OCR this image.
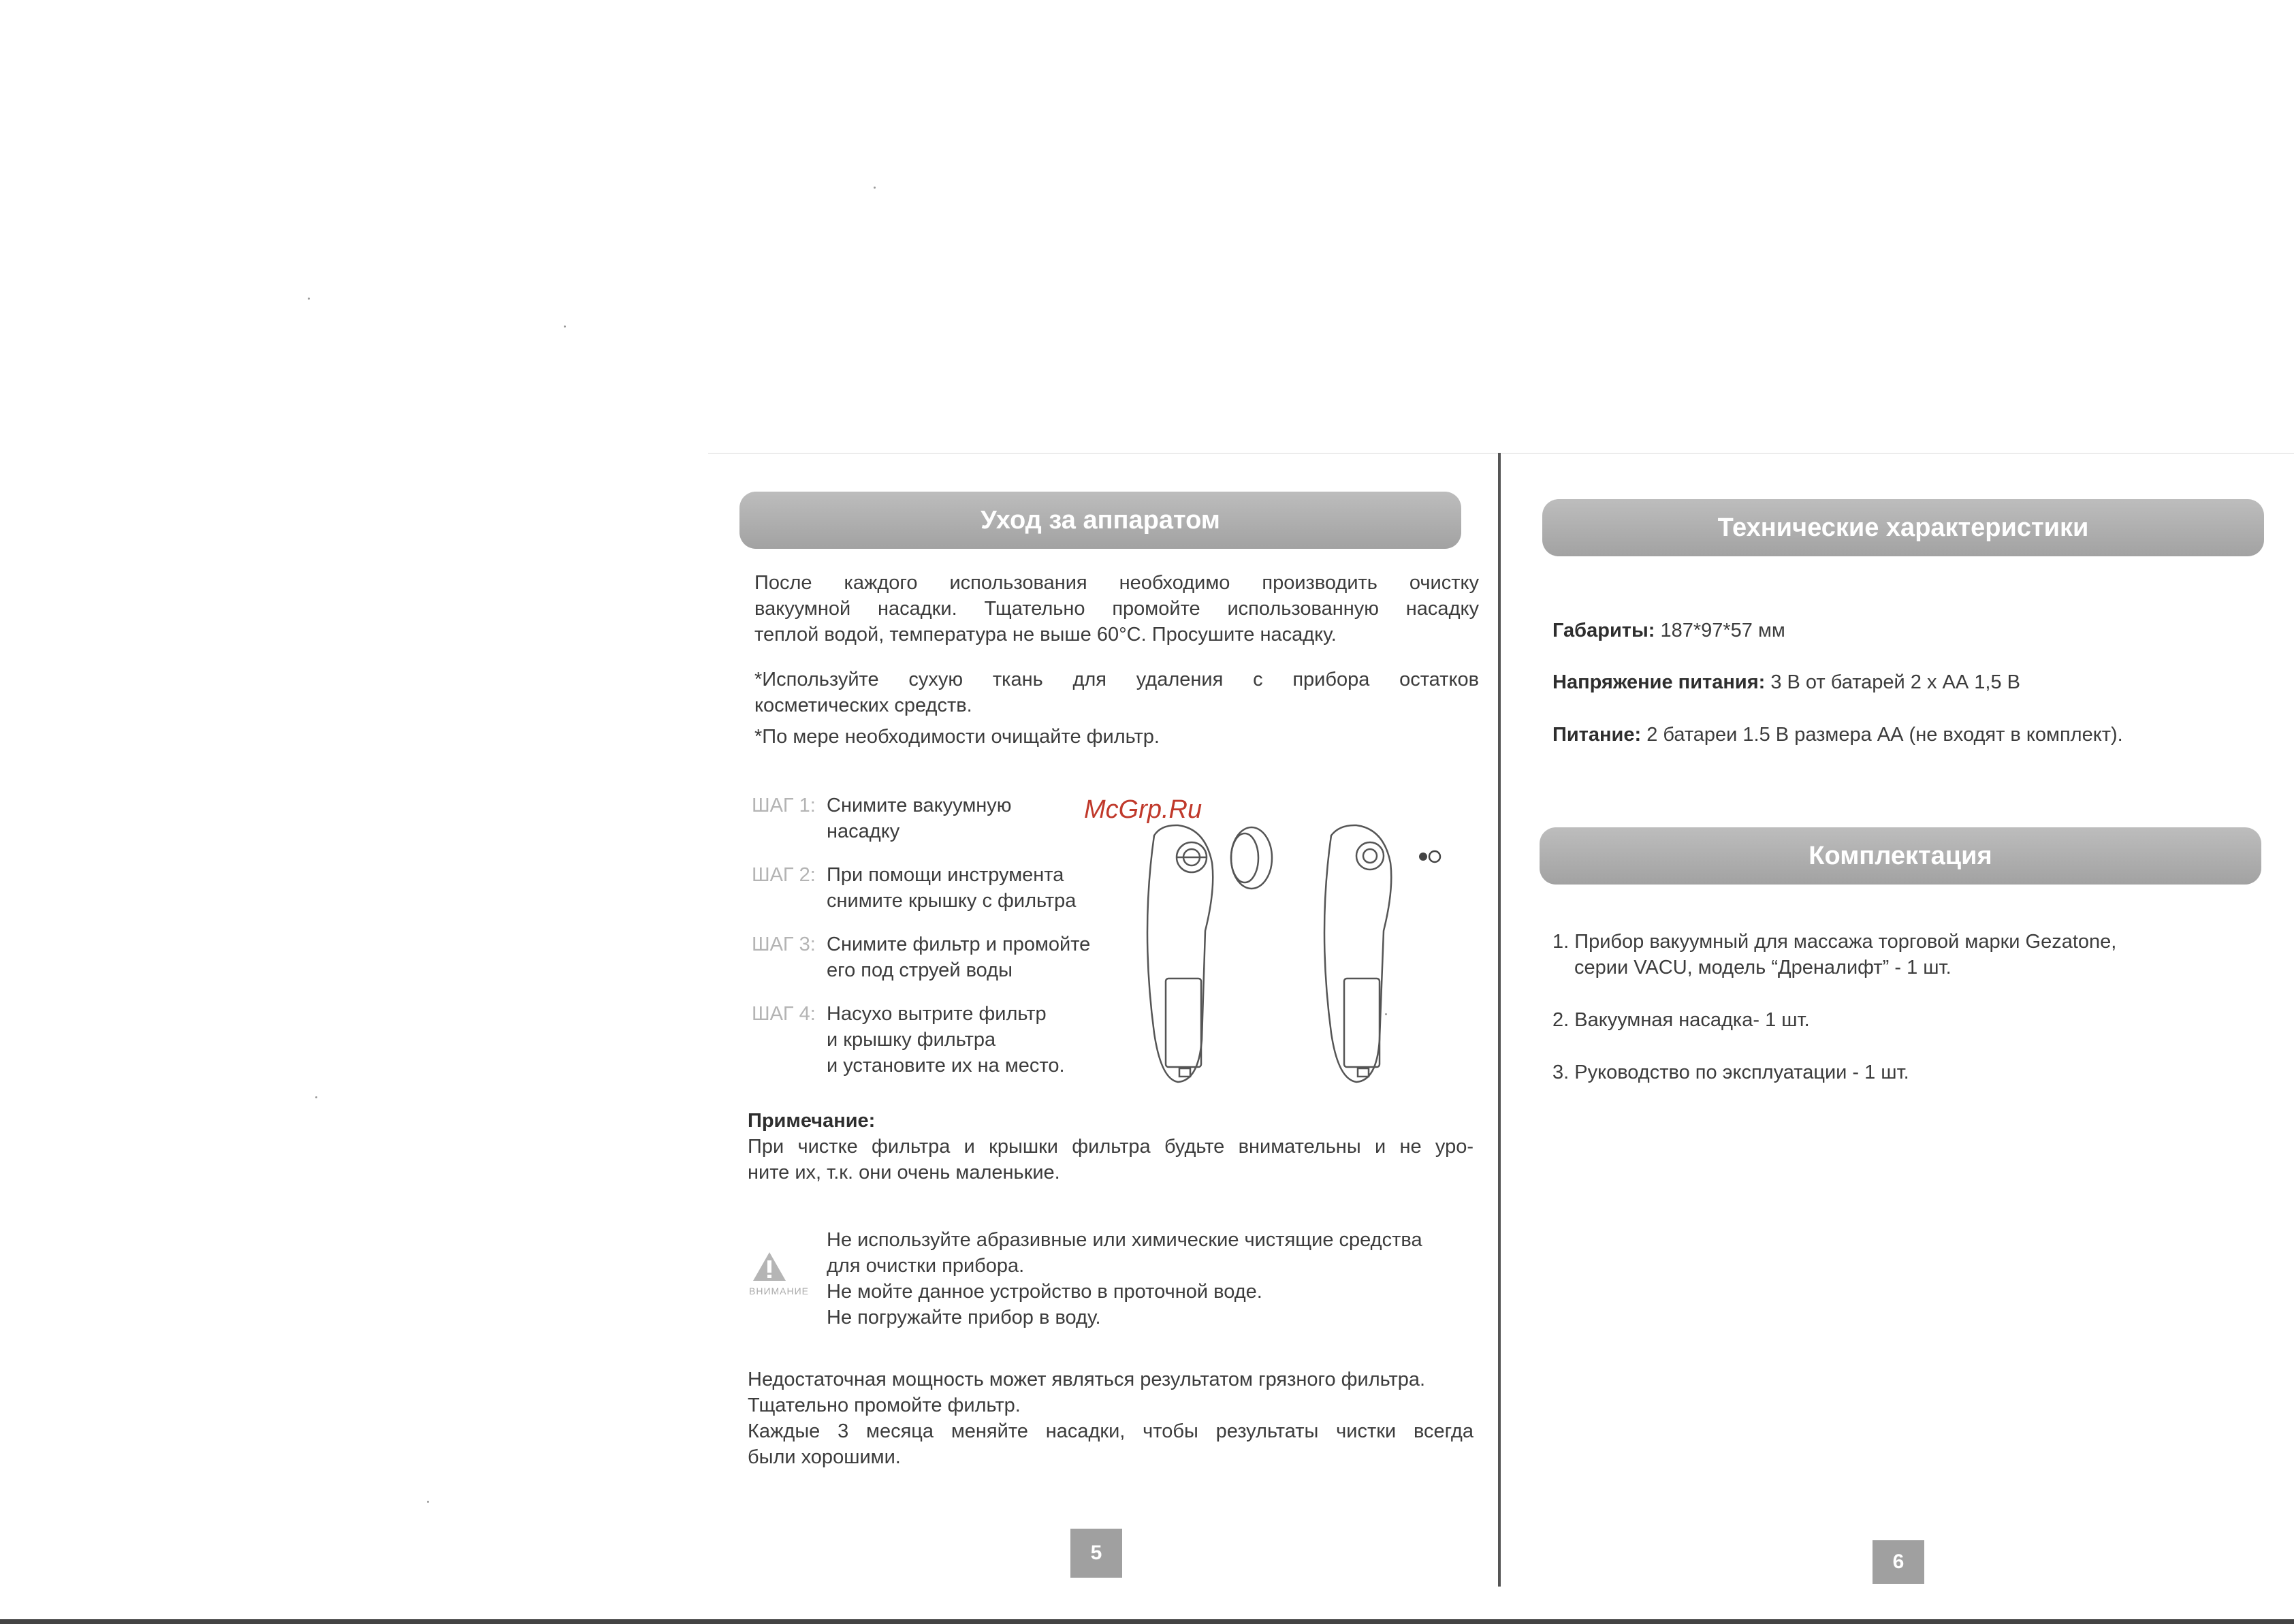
McGrp.Ru
Уход за аппаратом
После каждого использования необходимо производить очистку
вакуумной насадки. Тщательно промойте использованную насадку
теплой водой, температура не выше 60°С. Просушите насадку.
*Используйте сухую ткань для удаления с прибора остатков
косметических средств.
*По мере необходимости очищайте фильтр.
ШАГ 1: Снимите вакуумную
насадку
ШАГ 2: При помощи инструмента
снимите крышку с фильтра
ШАГ 3: Снимите фильтр и промойте
его под струей воды
ШАГ 4: Насухо вытрите фильтр
и крышку фильтра
и установите их на место.
Примечание:
При чистке фильтра и крышки фильтра будьте внимательны и не уро-
ните их, т.к. они очень маленькие.
ВНИМАНИЕ
Не используйте абразивные или химические чистящие средства
для очистки прибора.
Не мойте данное устройство в проточной воде.
Не погружайте прибор в воду.
Недостаточная мощность может являться результатом грязного фильтра.
Тщательно промойте фильтр.
Каждые 3 месяца меняйте насадки, чтобы результаты чистки всегда
были хорошими.
5
Технические характеристики
Габариты: 187*97*57 мм
Напряжение питания: 3 В от батарей 2 х АА 1,5 В
Питание: 2 батареи 1.5 В размера АА (не входят в комплект).
Комплектация
1. Прибор вакуумный для массажа торговой марки Gezatone,
серии VACU, модель “Дреналифт” - 1 шт.
2. Вакуумная насадка- 1 шт.
3. Руководство по эксплуатации - 1 шт.
6
